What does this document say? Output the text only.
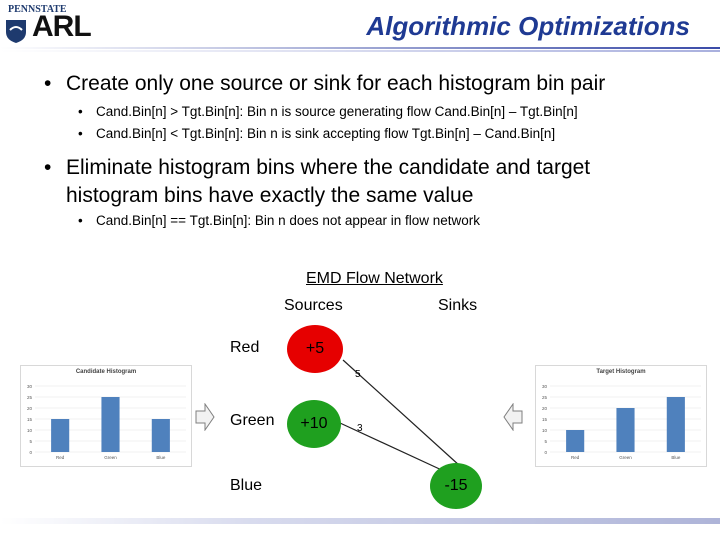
PENNSTATE
ARL	Algorithmic Optimizations
• Create only one source or sink for each histogram bin pair
• Cand.Bin[n] > Tgt.Bin[n]: Bin n is source generating flow Cand.Bin[n] – Tgt.Bin[n]
• Cand.Bin[n] < Tgt.Bin[n]: Bin n is sink accepting flow Tgt.Bin[n] – Cand.Bin[n]
• Eliminate histogram bins where the candidate and target histogram bins have exactly the same value
• Cand.Bin[n] == Tgt.Bin[n]: Bin n does not appear in flow network
EMD Flow Network
Sources	Sinks
Red
Green
Blue
+5
+10
-15
5
3
Candidate Histogram
0
5
10
15
20
25
30
Red	Green	Blue
Target Histogram
0
5
10
15
20
25
30
Red	Green	Blue
